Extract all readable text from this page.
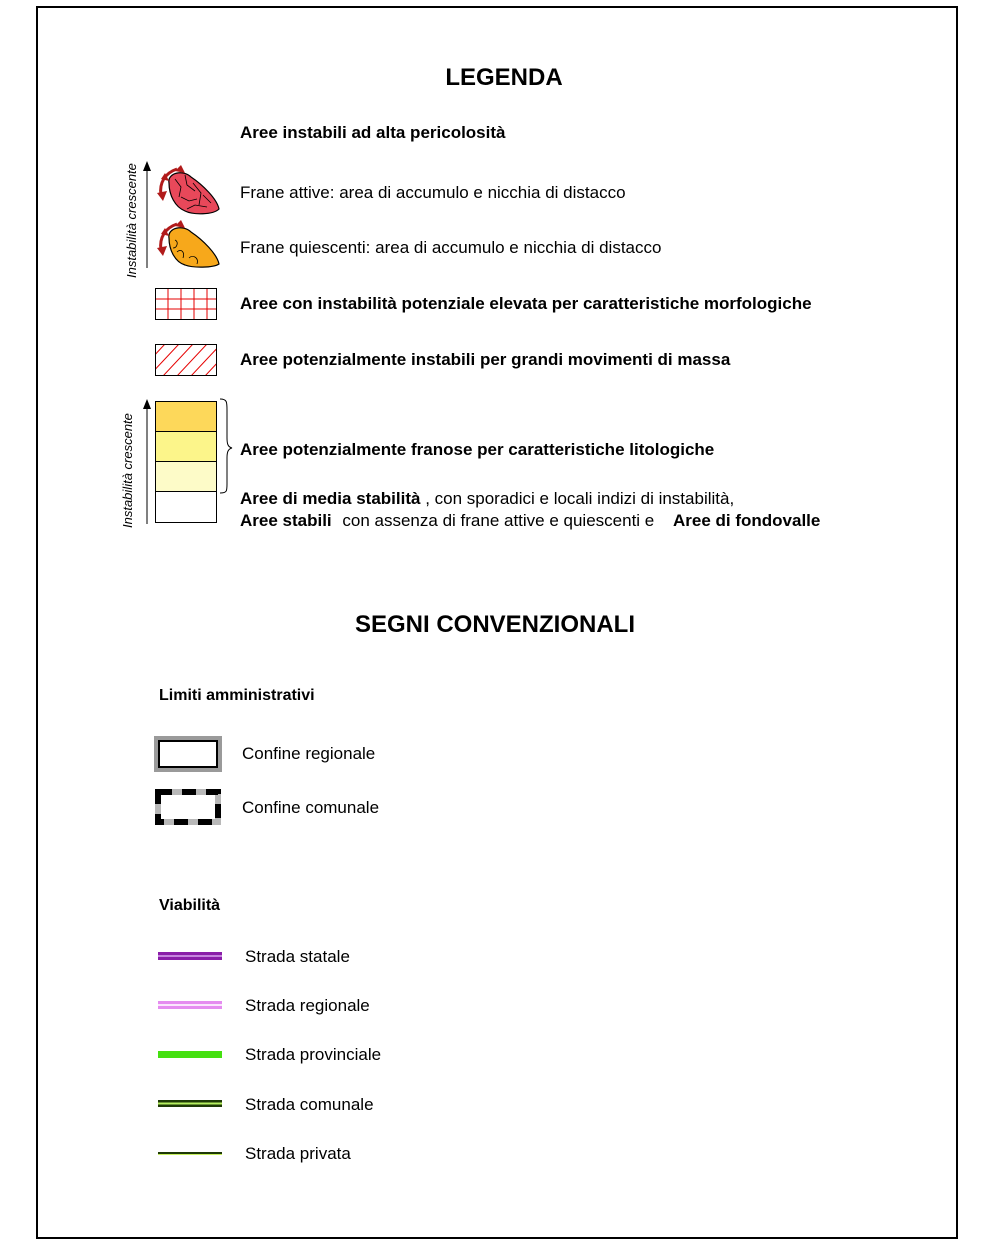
LEGENDA
Aree instabili ad alta pericolosità
Instabilità crescente	Frane attive: area di accumulo e nicchia di distacco
Frane quiescenti: area di accumulo e nicchia di distacco
Aree con instabilità potenziale elevata per caratteristiche morfologiche
Aree potenzialmente instabili per grandi movimenti di massa
Instabilità crescente	Aree potenzialmente franose per caratteristiche litologiche
Aree di media stabilità , con sporadici e locali indizi di instabilità,
Aree stabili con assenza di frane attive e quiescenti e Aree di fondovalle
SEGNI CONVENZIONALI
Limiti amministrativi
Confine regionale
Confine comunale
Viabilità
Strada statale
Strada regionale
Strada provinciale
Strada comunale
Strada privata
